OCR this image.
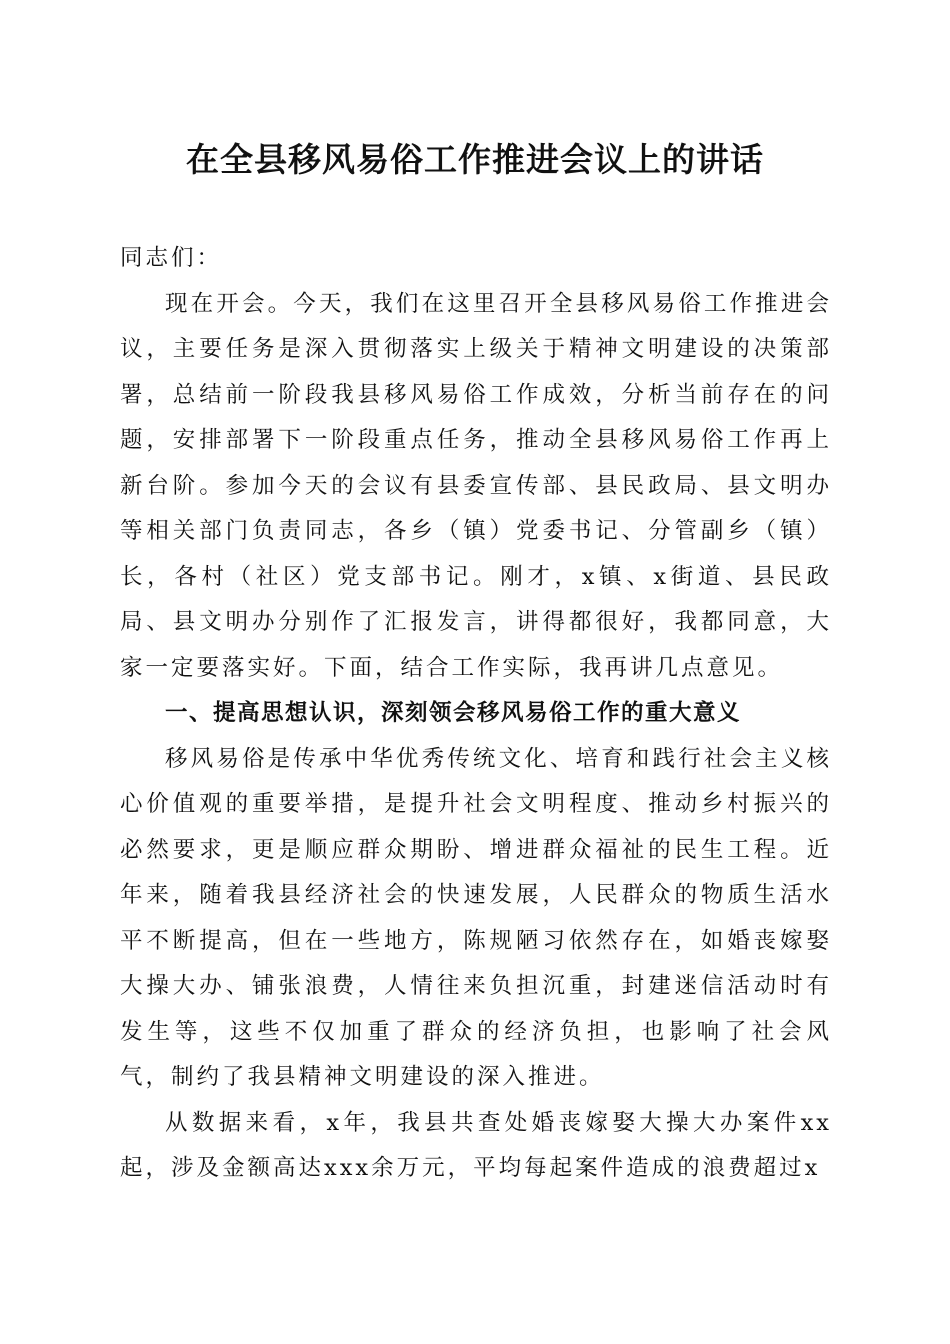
在全县移风易俗工作推进会议上的讲话

同志们：

现在开会。今天，我们在这里召开全县移风易俗工作推进会议，主要任务是深入贯彻落实上级关于精神文明建设的决策部署，总结前一阶段我县移风易俗工作成效，分析当前存在的问题，安排部署下一阶段重点任务，推动全县移风易俗工作再上新台阶。参加今天的会议有县委宣传部、县民政局、县文明办等相关部门负责同志，各乡（镇）党委书记、分管副乡（镇）长，各村（社区）党支部书记。刚才，x镇、x街道、县民政局、县文明办分别作了汇报发言，讲得都很好，我都同意，大家一定要落实好。下面，结合工作实际，我再讲几点意见。

一、提高思想认识，深刻领会移风易俗工作的重大意义

移风易俗是传承中华优秀传统文化、培育和践行社会主义核心价值观的重要举措，是提升社会文明程度、推动乡村振兴的必然要求，更是顺应群众期盼、增进群众福祉的民生工程。近年来，随着我县经济社会的快速发展，人民群众的物质生活水平不断提高，但在一些地方，陈规陋习依然存在，如婚丧嫁娶大操大办、铺张浪费，人情往来负担沉重，封建迷信活动时有发生等，这些不仅加重了群众的经济负担，也影响了社会风气，制约了我县精神文明建设的深入推进。

从数据来看，x年，我县共查处婚丧嫁娶大操大办案件xx起，涉及金额高达xxx余万元，平均每起案件造成的浪费超过x
